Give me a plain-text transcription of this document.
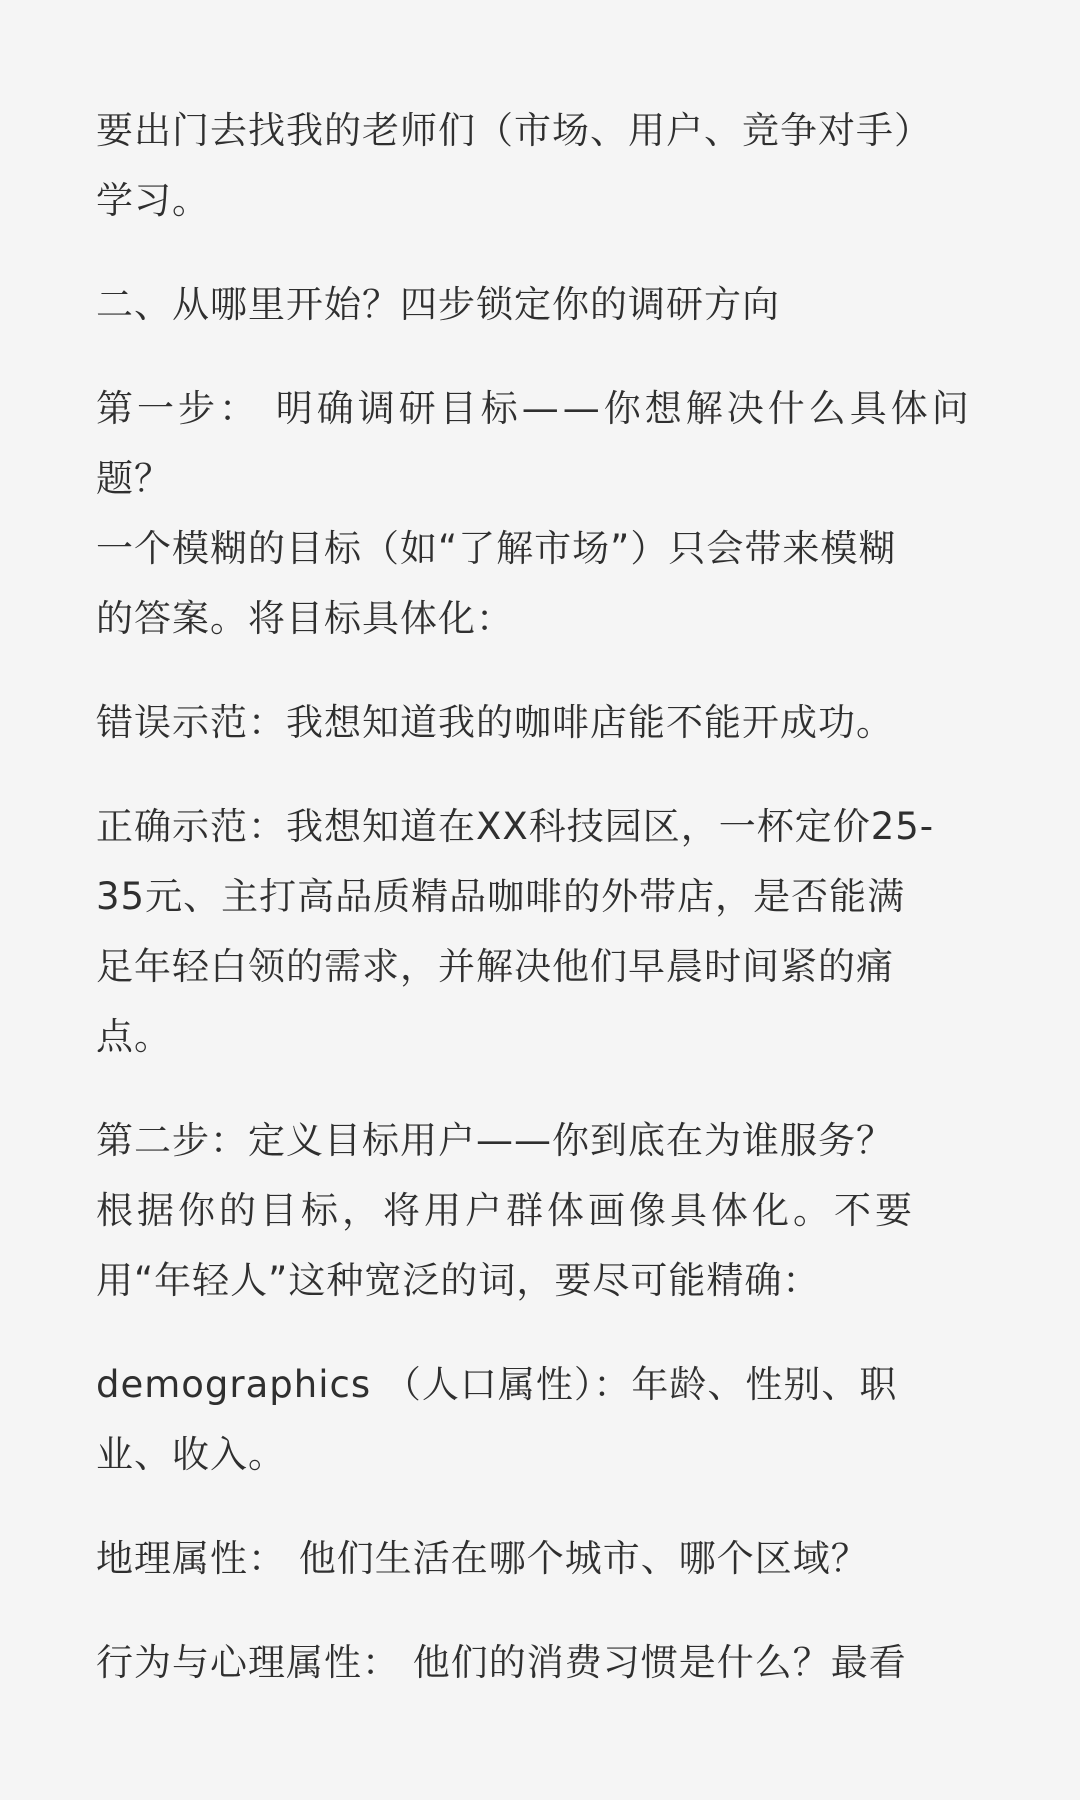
要出门去找我的老师们（市场、用户、竞争对手）
学习。
二、从哪里开始？四步锁定你的调研方向
第一步： 明确调研目标——你想解决什么具体问
题？
一个模糊的目标（如“了解市场”）只会带来模糊
的答案。将目标具体化：
错误示范：我想知道我的咖啡店能不能开成功。
正确示范：我想知道在XX科技园区，一杯定价25-
35元、主打高品质精品咖啡的外带店，是否能满
足年轻白领的需求，并解决他们早晨时间紧的痛
点。
第二步：定义目标用户——你到底在为谁服务？
根据你的目标，将用户群体画像具体化。不要
用“年轻人”这种宽泛的词，要尽可能精确：
demographics （人口属性）：年龄、性别、职
业、收入。
地理属性： 他们生活在哪个城市、哪个区域？
行为与心理属性： 他们的消费习惯是什么？最看
